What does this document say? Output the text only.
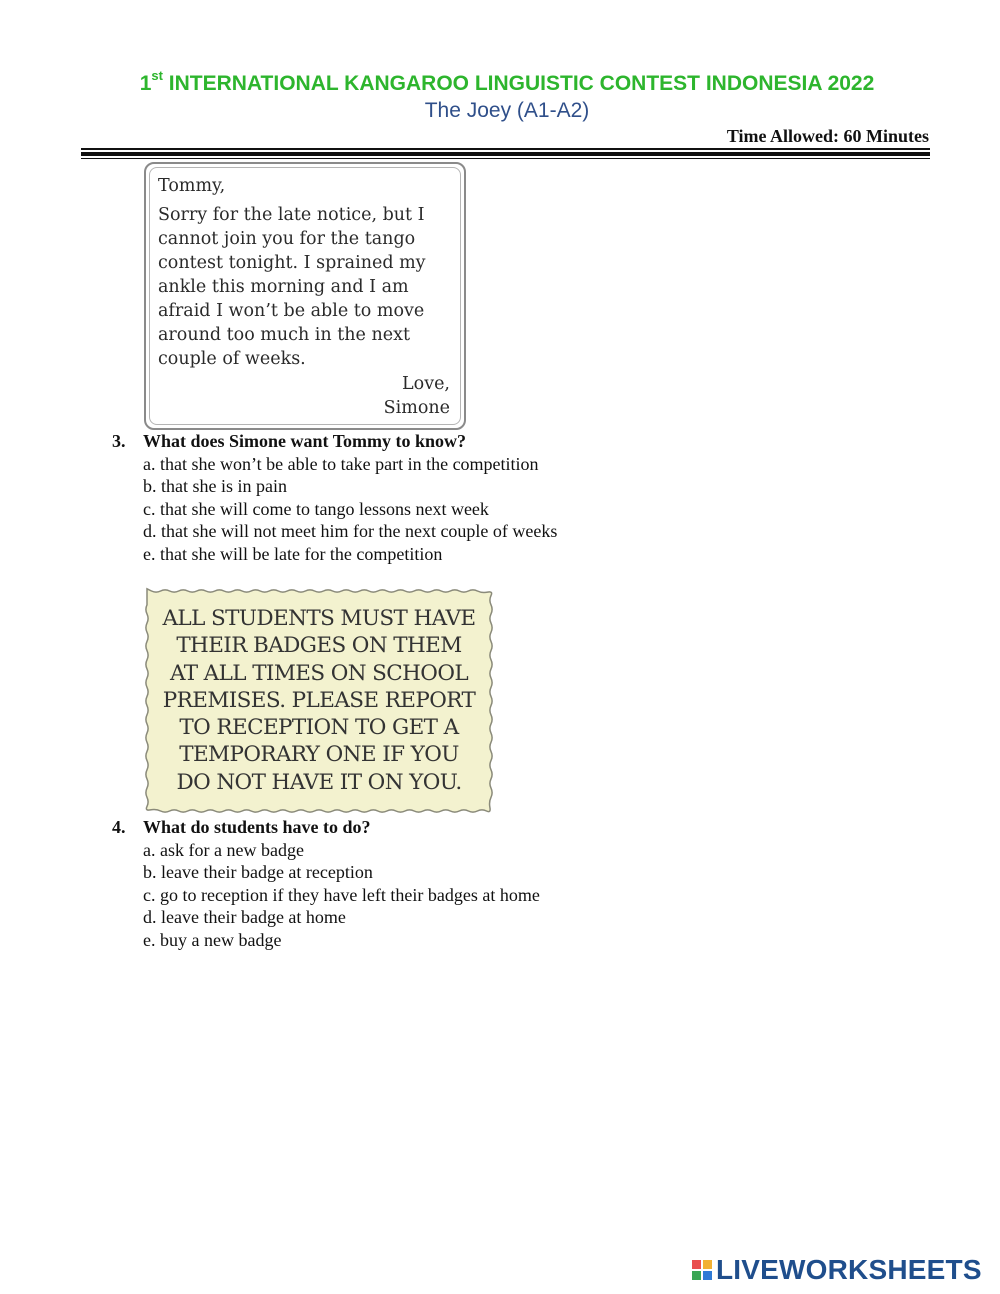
1st INTERNATIONAL KANGAROO LINGUISTIC CONTEST INDONESIA 2022
The Joey (A1-A2)
Time Allowed: 60 Minutes
Tommy,
Sorry for the late notice, but I
cannot join you for the tango
contest tonight. I sprained my
ankle this morning and I am
afraid I won’t be able to move
around too much in the next
couple of weeks.
Love,
Simone
3. What does Simone want Tommy to know?
a. that she won’t be able to take part in the competition
b. that she is in pain
c. that she will come to tango lessons next week
d. that she will not meet him for the next couple of weeks
e. that she will be late for the competition
ALL STUDENTS MUST HAVE
THEIR BADGES ON THEM
AT ALL TIMES ON SCHOOL
PREMISES. PLEASE REPORT
TO RECEPTION TO GET A
TEMPORARY ONE IF YOU
DO NOT HAVE IT ON YOU.
4. What do students have to do?
a. ask for a new badge
b. leave their badge at reception
c. go to reception if they have left their badges at home
d. leave their badge at home
e. buy a new badge
LIVEWORKSHEETS
